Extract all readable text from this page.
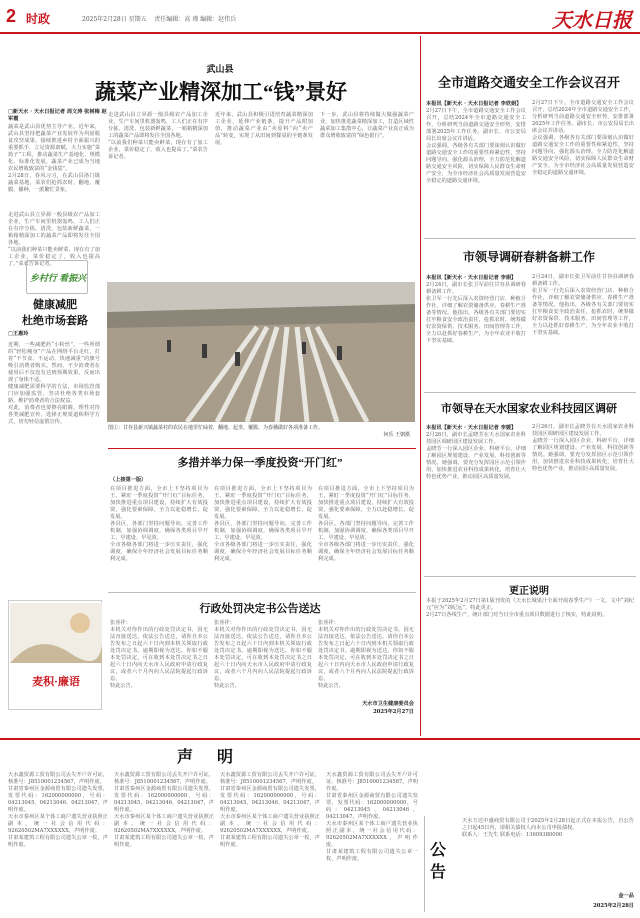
2 时政	2025年2月28日 星期五 责任编辑：高 瑾 编辑：赵伟兵	天水日报
武山县
蔬菜产业精深加工“钱”景好
□新天水 · 天水日报记者 周文涛 张树梅 赵军霞
蔬菜是武山县优势主导产业，近年来，武山县坚持把蔬菜产业发展作为巩固脱贫攻坚成果、接续推进乡村全面振兴的重要抓手，立足资源禀赋，大力实施“菜篮子”工程，推动蔬菜生产基地化、规模化、标准化发展，蔬菜产业已成为当地农民增收致富的“金钱袋”。
2月28日，春风习习，在武山县洛门镇蔬菜基地，菜农们抢抓农时，翻地、覆膜、播种，一派繁忙景象。
走进武山县立昇源一般县级农产品加工企业，生产车间里机器轰鸣，工人们正在有序分拣、清洗、包装新鲜蔬菜，一箱箱精深加工的蔬菜产品即将发往全国各地。
“以前我们种菜只能卖鲜菜，现在有了加工企业，菜价稳定了，收入也提高了。”菜农告诉记者。
乡村行 看振兴
走进武山县立昇源一般县级农产品加工企业，生产车间里机器轰鸣，工人们正在有序分拣、清洗、包装新鲜蔬菜，一箱箱精深加工的蔬菜产品即将发往全国各地。
“以前我们种菜只能卖鲜菜，现在有了加工企业，菜价稳定了，收入也提高了。”菜农告诉记者。
近年来，武山县积极引进培育蔬菜精深加工企业，延伸产业链条，提升产品附加值，推动蔬菜产业由“卖原料”向“卖产品”转变，实现了从田间到餐桌的全链条发展。
下一步，武山县将持续做大做强蔬菜产业，加快推进蔬菜精深加工，打造区域性蔬菜加工集散中心，让蔬菜产业真正成为群众增收致富的“绿色银行”。
图①：甘谷县新兴镇蔬菜村的农民在地里忙碌着，翻地、起垄、覆膜、为春播做好各项准备工作。
何乐 王朝摄
健康减肥
杜绝市场套路
□王惠玲
近期，一些减肥药“小粉丝”，一些所谓的“轻松瘦身”产品在网络平台走红，打着“不节食、不运动、快速减重”的旗号吸引消费者购买。然而，不少消费者在使用后不仅没有达到预期效果，反而出现了身体不适。
健康减肥需要科学的方法，市场监管部门应加强监管，坚决杜绝各类市场套路，维护消费者的合法权益。
对此，消费者也要擦亮眼睛，理性对待各类减肥宣传，选择正规渠道和科学方式，切勿轻信虚假宣传。
多措并举力保一季度投资“开门红”
（上接第一版）
在项目推进方面，全市上下坚持项目为王，紧盯一季度投资“开门红”目标任务，加快推进重点项目建设，持续扩大有效投资，强化要素保障，全力以赴稳增长、促发展。
各县区、各部门坚持问题导向，完善工作机制，加强协调调度，确保各类项目早开工、早建设、早见效。
全市各级各部门将进一步压实责任，强化调度，确保全年经济社会发展目标任务顺利完成。
在项目推进方面，全市上下坚持项目为王，紧盯一季度投资“开门红”目标任务，加快推进重点项目建设，持续扩大有效投资，强化要素保障，全力以赴稳增长、促发展。
各县区、各部门坚持问题导向，完善工作机制，加强协调调度，确保各类项目早开工、早建设、早见效。
全市各级各部门将进一步压实责任，强化调度，确保全年经济社会发展目标任务顺利完成。
在项目推进方面，全市上下坚持项目为王，紧盯一季度投资“开门红”目标任务，加快推进重点项目建设，持续扩大有效投资，强化要素保障，全力以赴稳增长、促发展。
各县区、各部门坚持问题导向，完善工作机制，加强协调调度，确保各类项目早开工、早建设、早见效。
全市各级各部门将进一步压实责任，强化调度，确保全年经济社会发展目标任务顺利完成。
行政处罚决定书公告送达
张喜祥：
本机关对你作出的行政处罚决定书，因无法直接送达，依法公告送达，请你自本公告发布之日起六十日内到本机关领取行政处罚决定书。逾期即视为送达。你如不服本处罚决定，可在收到本处罚决定书之日起六十日内向天水市人民政府申请行政复议，或者六个月内向人民法院提起行政诉讼。
特此公告。
张喜祥：
本机关对你作出的行政处罚决定书，因无法直接送达，依法公告送达，请你自本公告发布之日起六十日内到本机关领取行政处罚决定书。逾期即视为送达。你如不服本处罚决定，可在收到本处罚决定书之日起六十日内向天水市人民政府申请行政复议，或者六个月内向人民法院提起行政诉讼。
特此公告。
张喜祥：
本机关对你作出的行政处罚决定书，因无法直接送达，依法公告送达，请你自本公告发布之日起六十日内到本机关领取行政处罚决定书。逾期即视为送达。你如不服本处罚决定，可在收到本处罚决定书之日起六十日内向天水市人民政府申请行政复议，或者六个月内向人民法院提起行政诉讼。
特此公告。
天水市卫生健康委员会
2025年2月27日
麦积·廉语
全市道路交通安全工作会议召开
本报讯【新天水 · 天水日报记者 李欣娟】
2月27日下午，全市道路交通安全工作会议召开，总结2024年全市道路交通安全工作，分析研判当前道路交通安全形势，安排部署2025年工作任务。副市长、市公安局局长出席会议并讲话。
会议强调，各级各有关部门要深刻认识做好道路交通安全工作的重要性和紧迫性，坚持问题导向，强化源头治理，全力防范化解道路交通安全风险，切实保障人民群众生命财产安全，为全市经济社会高质量发展营造安全稳定的道路交通环境。
2月27日下午，全市道路交通安全工作会议召开，总结2024年全市道路交通安全工作，分析研判当前道路交通安全形势，安排部署2025年工作任务。副市长、市公安局局长出席会议并讲话。
会议强调，各级各有关部门要深刻认识做好道路交通安全工作的重要性和紧迫性，坚持问题导向，强化源头治理，全力防范化解道路交通安全风险，切实保障人民群众生命财产安全，为全市经济社会高质量发展营造安全稳定的道路交通环境。
市领导调研春耕备耕工作
本报讯【新天水 · 天水日报记者 李娟】
2月24日，副市长张卫军前往甘谷县调研春耕备耕工作。
张卫军一行先后深入农资经营门店、种植合作社，详细了解农资储备供应、春耕生产准备等情况。他指出，各级各有关部门要切实扛牢粮食安全政治责任，抢抓农时，统筹做好农资保供、技术服务、田间管理等工作，全力以赴抓好春耕生产，为全年农业丰收打下坚实基础。
2月24日，副市长张卫军前往甘谷县调研春耕备耕工作。
张卫军一行先后深入农资经营门店、种植合作社，详细了解农资储备供应、春耕生产准备等情况。他指出，各级各有关部门要切实扛牢粮食安全政治责任，抢抓农时，统筹做好农资保供、技术服务、田间管理等工作，全力以赴抓好春耕生产，为全年农业丰收打下坚实基础。
市领导在天水国家农业科技园区调研
本报讯【新天水 · 天水日报记者 李媛】
2月26日，副市长孟晓芳在天水国家农业科技园区调研园区建设发展工作。
孟晓芳一行深入园区企业、科研平台，详细了解园区规划建设、产业发展、科技创新等情况。她强调，要充分发挥园区示范引领作用，加快推进农业科技成果转化，培育壮大特色优势产业，推动园区高质量发展。
2月26日，副市长孟晓芳在天水国家农业科技园区调研园区建设发展工作。
孟晓芳一行深入园区企业、科研平台，详细了解园区规划建设、产业发展、科技创新等情况。她强调，要充分发挥园区示范引领作用，加快推进农业科技成果转化，培育壮大特色优势产业，推动园区高质量发展。
更正说明
本报于2025年2月27日第1版刊发的《天水长城果汁全面开展春季生产》一文，文中“刘纪元”应为“刘纪远”，特此更正。
2月27日各线生产，统计部门对当日全市重点项目数据进行了核实，特此说明。
声 明
天水鑫贸源工贸有限公司丢失开户许可证，核准号：J8510001234567，声明作废。
甘肃省秦州区金源商贸有限公司遗失发票，发票代码：162000000000，号码：04213045、04213046、04213047，声明作废。
天水市秦州区某个体工商户遗失营业执照正副本，统一社会信用代码：92620502MA7XXXXXX，声明作废。
甘肃某建筑工程有限公司遗失公章一枚，声明作废。
天水鑫贸源工贸有限公司丢失开户许可证，核准号：J8510001234567，声明作废。
甘肃省秦州区金源商贸有限公司遗失发票，发票代码：162000000000，号码：04213045、04213046、04213047，声明作废。
天水市秦州区某个体工商户遗失营业执照正副本，统一社会信用代码：92620502MA7XXXXXX，声明作废。
甘肃某建筑工程有限公司遗失公章一枚，声明作废。
天水鑫贸源工贸有限公司丢失开户许可证，核准号：J8510001234567，声明作废。
甘肃省秦州区金源商贸有限公司遗失发票，发票代码：162000000000，号码：04213045、04213046、04213047，声明作废。
天水市秦州区某个体工商户遗失营业执照正副本，统一社会信用代码：92620502MA7XXXXXX，声明作废。
甘肃某建筑工程有限公司遗失公章一枚，声明作废。
天水鑫贸源工贸有限公司丢失开户许可证，核准号：J8510001234567，声明作废。
甘肃省秦州区金源商贸有限公司遗失发票，发票代码：162000000000，号码：04213045、04213046、04213047，声明作废。
天水市秦州区某个体工商户遗失营业执照正副本，统一社会信用代码：92620502MA7XXXXXX，声明作废。
甘肃某建筑工程有限公司遗失公章一枚，声明作废。	公告
天水万达中盛商贸有限公司于2025年2月28日起正式在本报公告，自公告之日起45日内，请相关债权人向本公司申报债权。
联系人：王先生 联系电话：13609380000
金一品
2025年2月28日
